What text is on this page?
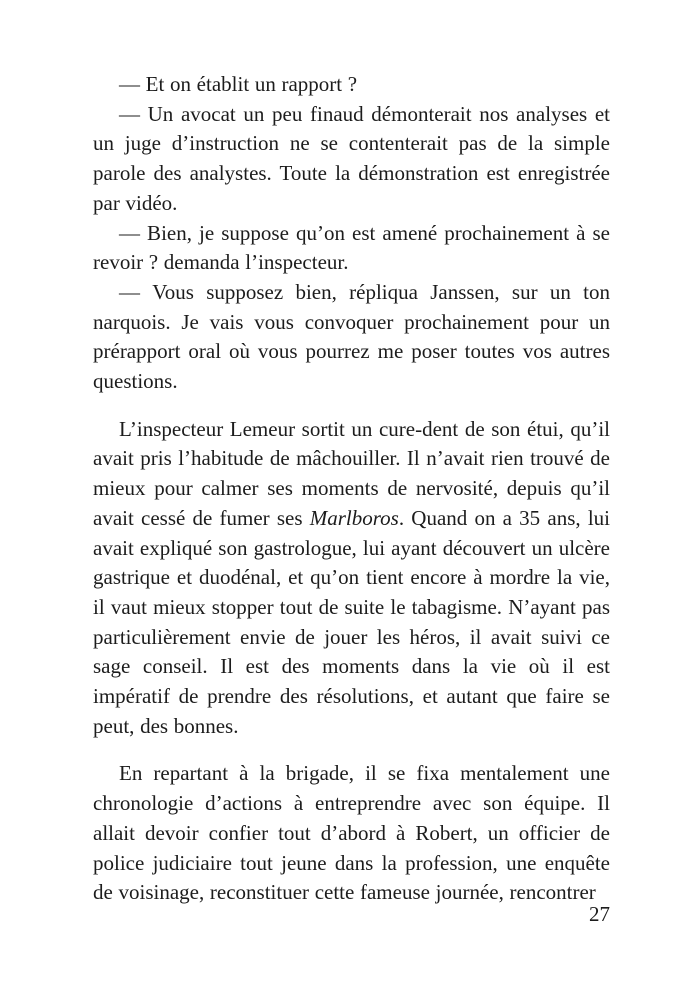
— Et on établit un rapport ?

— Un avocat un peu finaud démonterait nos analyses et un juge d’instruction ne se contenterait pas de la simple parole des analystes. Toute la démonstration est enregistrée par vidéo.

— Bien, je suppose qu’on est amené prochainement à se revoir ? demanda l’inspecteur.

— Vous supposez bien, répliqua Janssen, sur un ton narquois. Je vais vous convoquer prochainement pour un prérapport oral où vous pourrez me poser toutes vos autres questions.

L’inspecteur Lemeur sortit un cure-dent de son étui, qu’il avait pris l’habitude de mâchouiller. Il n’avait rien trouvé de mieux pour calmer ses moments de nervosité, depuis qu’il avait cessé de fumer ses Marlboros. Quand on a 35 ans, lui avait expliqué son gastrologue, lui ayant découvert un ulcère gastrique et duodénal, et qu’on tient encore à mordre la vie, il vaut mieux stopper tout de suite le tabagisme. N’ayant pas particulièrement envie de jouer les héros, il avait suivi ce sage conseil. Il est des moments dans la vie où il est impératif de prendre des résolutions, et autant que faire se peut, des bonnes.

En repartant à la brigade, il se fixa mentalement une chronologie d’actions à entreprendre avec son équipe. Il allait devoir confier tout d’abord à Robert, un officier de police judiciaire tout jeune dans la profession, une enquête de voisinage, reconstituer cette fameuse journée, rencontrer

27
